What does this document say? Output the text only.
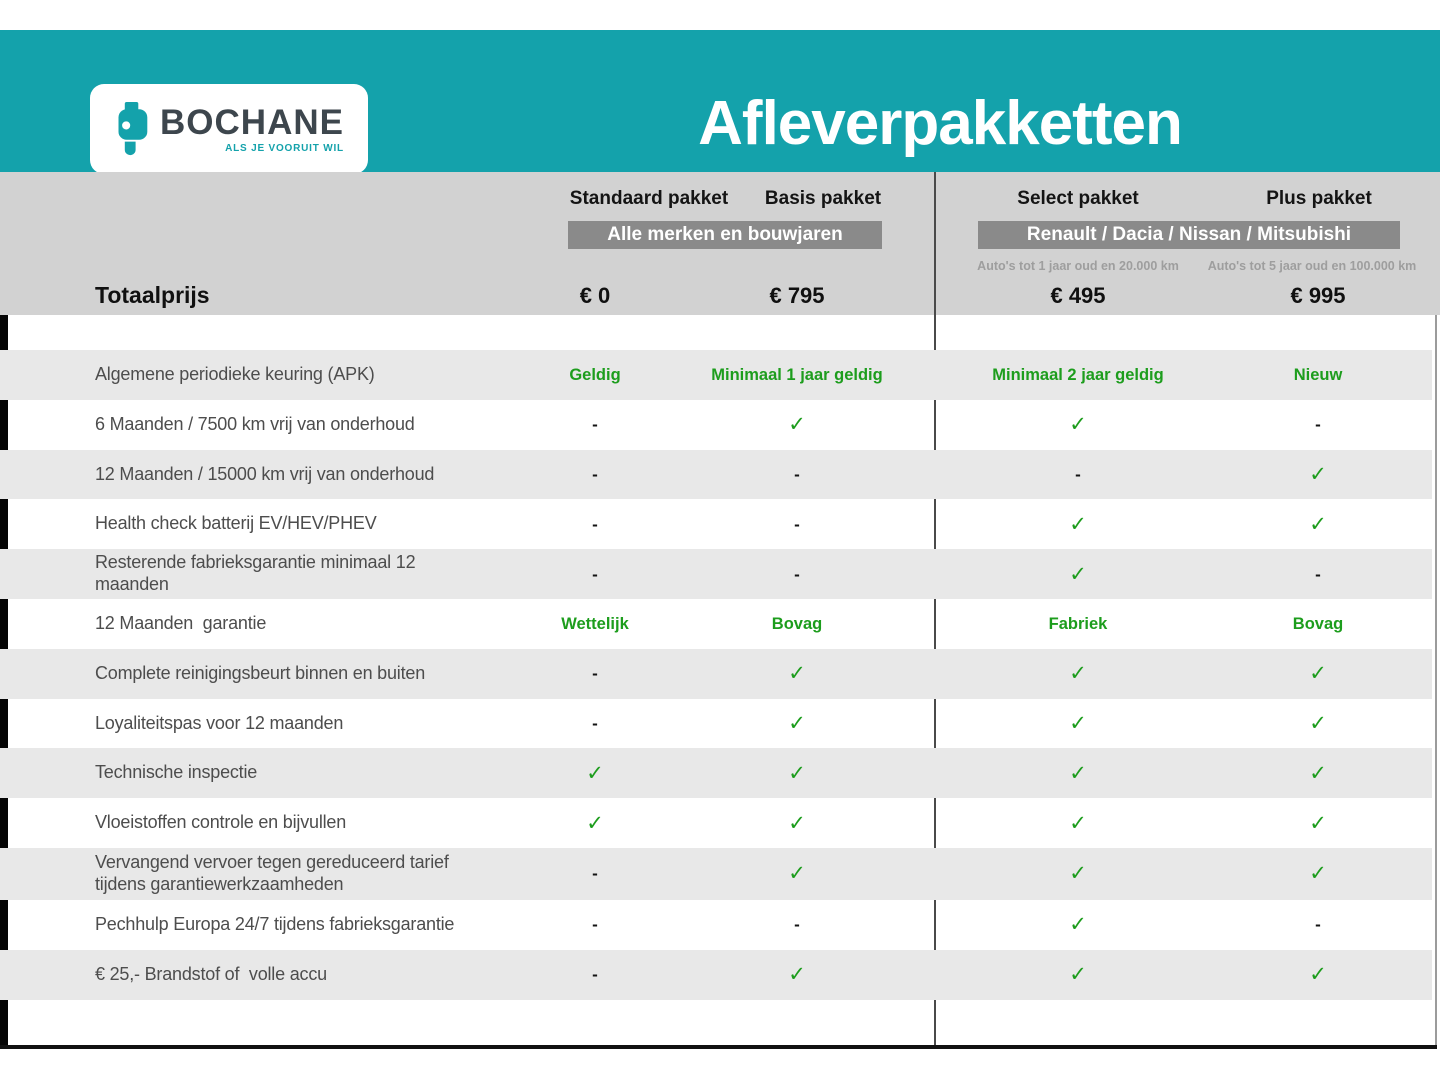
BOCHANE
ALS JE VOORUIT WIL	Afleverpakketten
Standaard pakket	Basis pakket	Select pakket	Plus pakket
Alle merken en bouwjaren	Renault / Dacia / Nissan / Mitsubishi
Auto's tot 1 jaar oud en 20.000 km	Auto's tot 5 jaar oud en 100.000 km
Totaalprijs	€ 0	€ 795	€ 495	€ 995
Algemene periodieke keuring (APK)	Geldig	Minimaal 1 jaar geldig	Minimaal 2 jaar geldig	Nieuw
6 Maanden / 7500 km vrij van onderhoud	-	✓	✓	-
12 Maanden / 15000 km vrij van onderhoud	-	-	-	✓
Health check batterij EV/HEV/PHEV	-	-	✓	✓
Resterende fabrieksgarantie minimaal 12 maanden	-	-	✓	-
12 Maanden  garantie	Wettelijk	Bovag	Fabriek	Bovag
Complete reinigingsbeurt binnen en buiten	-	✓	✓	✓
Loyaliteitspas voor 12 maanden	-	✓	✓	✓
Technische inspectie	✓	✓	✓	✓
Vloeistoffen controle en bijvullen	✓	✓	✓	✓
Vervangend vervoer tegen gereduceerd tarief
tijdens garantiewerkzaamheden	-	✓	✓	✓
Pechhulp Europa 24/7 tijdens fabrieksgarantie	-	-	✓	-
€ 25,- Brandstof of  volle accu	-	✓	✓	✓
